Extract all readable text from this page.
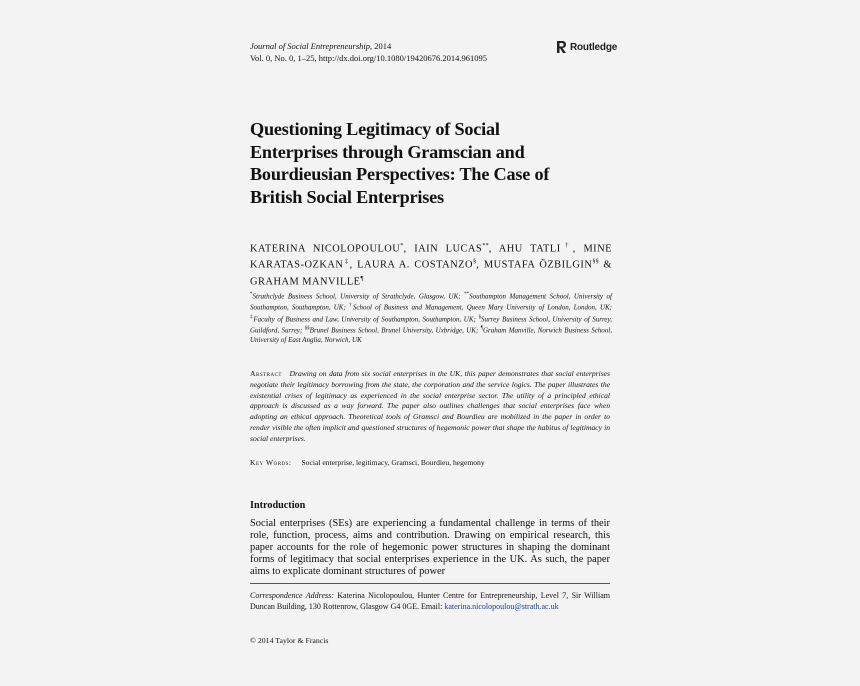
Journal of Social Entrepreneurship, 2014
Vol. 0, No. 0, 1–25, http://dx.doi.org/10.1080/19420676.2014.961095
Routledge
Questioning Legitimacy of Social Enterprises through Gramscian and Bourdieusian Perspectives: The Case of British Social Enterprises
KATERINA NICOLOPOULOU*, IAIN LUCAS**, AHU TATLI†, MINE KARATAS-OZKAN‡, LAURA A. COSTANZO§, MUSTAFA ÖZBILGIN§§ & GRAHAM MANVILLE¶
*Strathclyde Business School, University of Strathclyde, Glasgow, UK; **Southampton Management School, University of Southampton, Southampton, UK; †School of Business and Management, Queen Mary University of London, London, UK; ‡Faculty of Business and Law, University of Southampton, Southampton, UK; §Surrey Business School, University of Surrey, Guildford, Surrey; §§Brunel Business School, Brunel University, Uxbridge, UK; ¶Graham Manville, Norwich Business School, University of East Anglia, Norwich, UK
Abstract Drawing on data from six social enterprises in the UK, this paper demonstrates that social enterprises negotiate their legitimacy borrowing from the state, the corporation and the service logics. The paper illustrates the existential crises of legitimacy as experienced in the social enterprise sector. The utility of a principled ethical approach is discussed as a way forward. The paper also outlines challenges that social enterprises face when adopting an ethical approach. Theoretical tools of Gramsci and Bourdieu are mobilized in the paper in order to render visible the often implicit and questioned structures of hegemonic power that shape the habitus of legitimacy in social enterprises.
Key Words: Social enterprise, legitimacy, Gramsci, Bourdieu, hegemony
Introduction
Social enterprises (SEs) are experiencing a fundamental challenge in terms of their role, function, process, aims and contribution. Drawing on empirical research, this paper accounts for the role of hegemonic power structures in shaping the dominant forms of legitimacy that social enterprises experience in the UK. As such, the paper aims to explicate dominant structures of power
Correspondence Address: Katerina Nicolopoulou, Hunter Centre for Entrepreneurship, Level 7, Sir William Duncan Building, 130 Rottenrow, Glasgow G4 0GE. Email: katerina.nicolopoulou@strath.ac.uk
© 2014 Taylor & Francis
